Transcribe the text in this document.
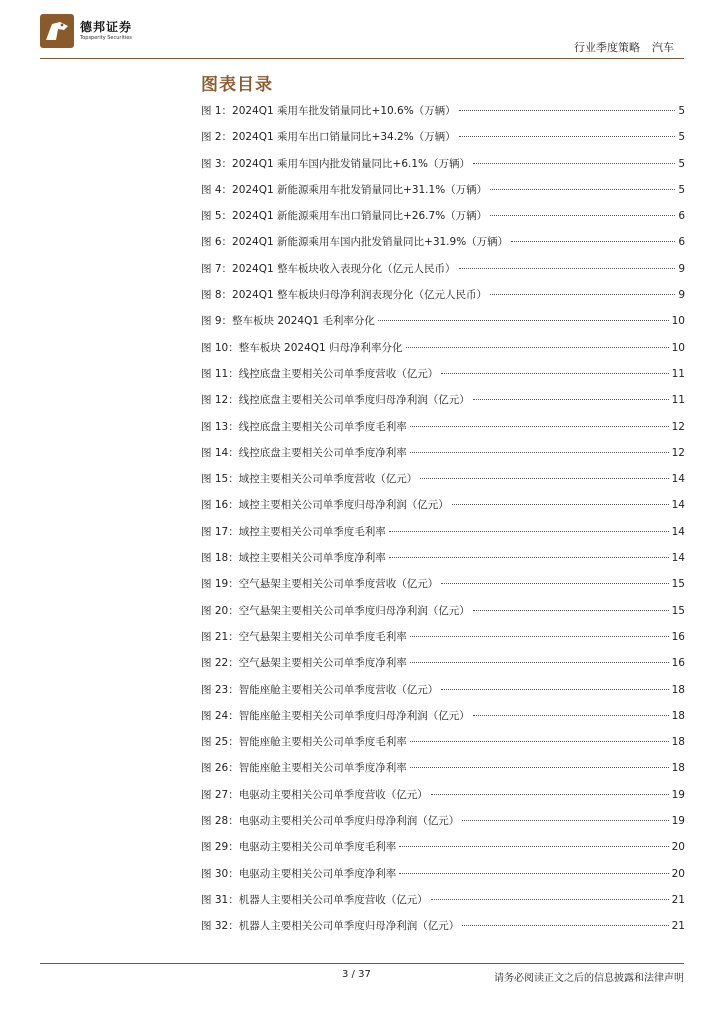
德邦证券
Topsperity Securities
行业季度策略 汽车
图表目录
图 1：2024Q1 乘用车批发销量同比+10.6%（万辆）	5
图 2：2024Q1 乘用车出口销量同比+34.2%（万辆）	5
图 3：2024Q1 乘用车国内批发销量同比+6.1%（万辆）	5
图 4：2024Q1 新能源乘用车批发销量同比+31.1%（万辆）	5
图 5：2024Q1 新能源乘用车出口销量同比+26.7%（万辆）	6
图 6：2024Q1 新能源乘用车国内批发销量同比+31.9%（万辆）	6
图 7：2024Q1 整车板块收入表现分化（亿元人民币）	9
图 8：2024Q1 整车板块归母净利润表现分化（亿元人民币）	9
图 9：整车板块 2024Q1 毛利率分化	10
图 10：整车板块 2024Q1 归母净利率分化	10
图 11：线控底盘主要相关公司单季度营收（亿元）	11
图 12：线控底盘主要相关公司单季度归母净利润（亿元）	11
图 13：线控底盘主要相关公司单季度毛利率	12
图 14：线控底盘主要相关公司单季度净利率	12
图 15：域控主要相关公司单季度营收（亿元）	14
图 16：域控主要相关公司单季度归母净利润（亿元）	14
图 17：域控主要相关公司单季度毛利率	14
图 18：域控主要相关公司单季度净利率	14
图 19：空气悬架主要相关公司单季度营收（亿元）	15
图 20：空气悬架主要相关公司单季度归母净利润（亿元）	15
图 21：空气悬架主要相关公司单季度毛利率	16
图 22：空气悬架主要相关公司单季度净利率	16
图 23：智能座舱主要相关公司单季度营收（亿元）	18
图 24：智能座舱主要相关公司单季度归母净利润（亿元）	18
图 25：智能座舱主要相关公司单季度毛利率	18
图 26：智能座舱主要相关公司单季度净利率	18
图 27：电驱动主要相关公司单季度营收（亿元）	19
图 28：电驱动主要相关公司单季度归母净利润（亿元）	19
图 29：电驱动主要相关公司单季度毛利率	20
图 30：电驱动主要相关公司单季度净利率	20
图 31：机器人主要相关公司单季度营收（亿元）	21
图 32：机器人主要相关公司单季度归母净利润（亿元）	21
3 / 37	请务必阅读正文之后的信息披露和法律声明
